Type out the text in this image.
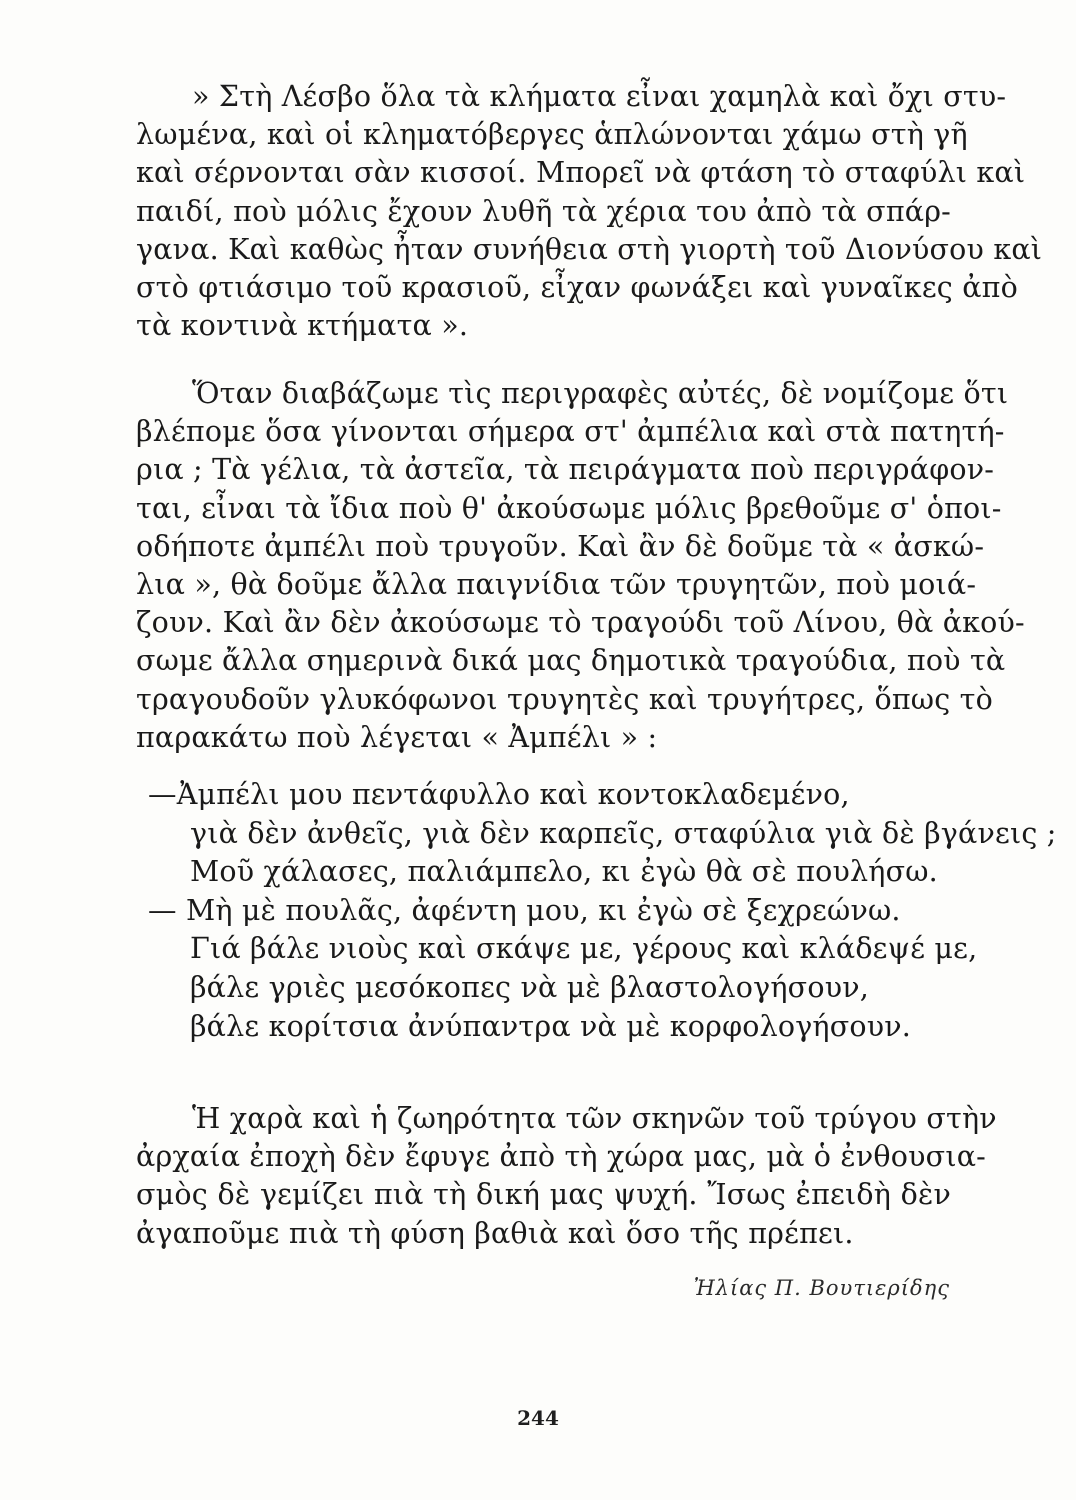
» Στὴ Λέσβο ὅλα τὰ κλήματα εἶναι χαμηλὰ καὶ ὄχι στυ-
λωμένα, καὶ οἱ κληματόβεργες ἁπλώνονται χάμω στὴ γῆ
καὶ σέρνονται σὰν κισσοί. Μπορεῖ νὰ φτάση τὸ σταφύλι καὶ
παιδί, ποὺ μόλις ἔχουν λυθῆ τὰ χέρια του ἀπὸ τὰ σπάρ-
γανα. Καὶ καθὼς ἦταν συνήθεια στὴ γιορτὴ τοῦ Διονύσου καὶ
στὸ φτιάσιμο τοῦ κρασιοῦ, εἶχαν φωνάξει καὶ γυναῖκες ἀπὸ
τὰ κοντινὰ κτήματα ».
Ὅταν διαβάζωμε τὶς περιγραφὲς αὐτές, δὲ νομίζομε ὅτι
βλέπομε ὅσα γίνονται σήμερα στ' ἀμπέλια καὶ στὰ πατητή-
ρια ; Τὰ γέλια, τὰ ἀστεῖα, τὰ πειράγματα ποὺ περιγράφον-
ται, εἶναι τὰ ἴδια ποὺ θ' ἀκούσωμε μόλις βρεθοῦμε σ' ὁποι-
οδήποτε ἀμπέλι ποὺ τρυγοῦν. Καὶ ἂν δὲ δοῦμε τὰ « ἀσκώ-
λια », θὰ δοῦμε ἄλλα παιγνίδια τῶν τρυγητῶν, ποὺ μοιά-
ζουν. Καὶ ἂν δὲν ἀκούσωμε τὸ τραγούδι τοῦ Λίνου, θὰ ἀκού-
σωμε ἄλλα σημερινὰ δικά μας δημοτικὰ τραγούδια, ποὺ τὰ
τραγουδοῦν γλυκόφωνοι τρυγητὲς καὶ τρυγήτρες, ὅπως τὸ
παρακάτω ποὺ λέγεται « Ἀμπέλι » :
—Ἀμπέλι μου πεντάφυλλο καὶ κοντοκλαδεμένο,
γιὰ δὲν ἀνθεῖς, γιὰ δὲν καρπεῖς, σταφύλια γιὰ δὲ βγάνεις ;
Μοῦ χάλασες, παλιάμπελο, κι ἐγὼ θὰ σὲ πουλήσω.
— Μὴ μὲ πουλᾶς, ἀφέντη μου, κι ἐγὼ σὲ ξεχρεώνω.
Γιά βάλε νιοὺς καὶ σκάψε με, γέρους καὶ κλάδεψέ με,
βάλε γριὲς μεσόκοπες νὰ μὲ βλαστολογήσουν,
βάλε κορίτσια ἀνύπαντρα νὰ μὲ κορφολογήσουν.
Ἡ χαρὰ καὶ ἡ ζωηρότητα τῶν σκηνῶν τοῦ τρύγου στὴν
ἀρχαία ἐποχὴ δὲν ἔφυγε ἀπὸ τὴ χώρα μας, μὰ ὁ ἐνθουσια-
σμὸς δὲ γεμίζει πιὰ τὴ δική μας ψυχή. Ἴσως ἐπειδὴ δὲν
ἀγαποῦμε πιὰ τὴ φύση βαθιὰ καὶ ὅσο τῆς πρέπει.
Ἠλίας Π. Βουτιερίδης
244
